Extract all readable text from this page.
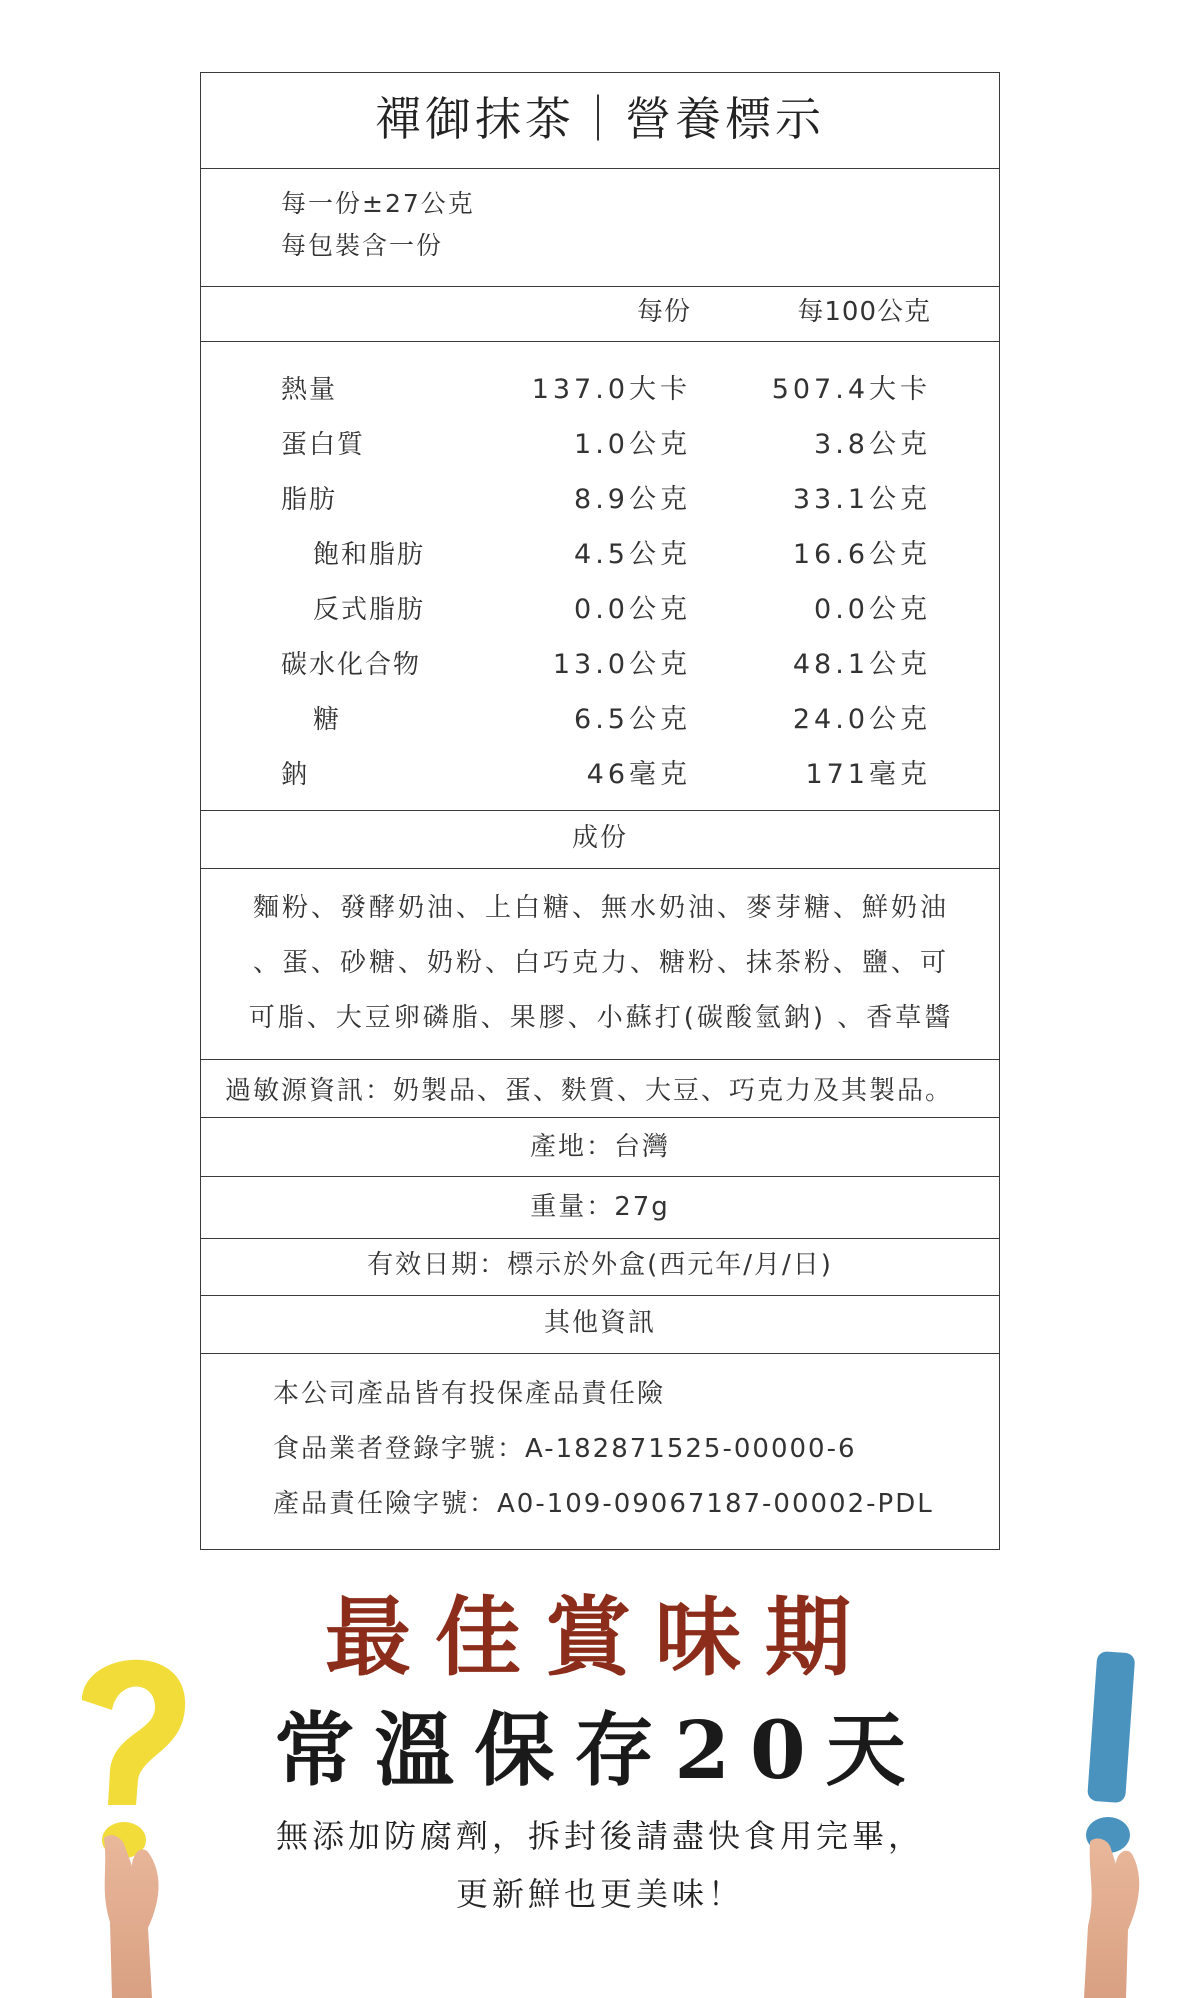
禪御抹茶｜營養標示
每一份±27公克
每包裝含一份
每份	每100公克
熱量	137.0大卡	507.4大卡
蛋白質	1.0公克	3.8公克
脂肪	8.9公克	33.1公克
飽和脂肪	4.5公克	16.6公克
反式脂肪	0.0公克	0.0公克
碳水化合物	13.0公克	48.1公克
糖	6.5公克	24.0公克
鈉	46毫克	171毫克
成份
麵粉、發酵奶油、上白糖、無水奶油、麥芽糖、鮮奶油
、蛋、砂糖、奶粉、白巧克力、糖粉、抹茶粉、鹽、可
可脂、大豆卵磷脂、果膠、小蘇打(碳酸氫鈉) 、香草醬
過敏源資訊：奶製品、蛋、麩質、大豆、巧克力及其製品。
產地：台灣
重量：27g
有效日期：標示於外盒(西元年/月/日)
其他資訊
本公司產品皆有投保產品責任險
食品業者登錄字號：A-182871525-00000-6
產品責任險字號：A0-109-09067187-00002-PDL
最佳賞味期
常溫保存20天
無添加防腐劑，拆封後請盡快食用完畢，
更新鮮也更美味！
